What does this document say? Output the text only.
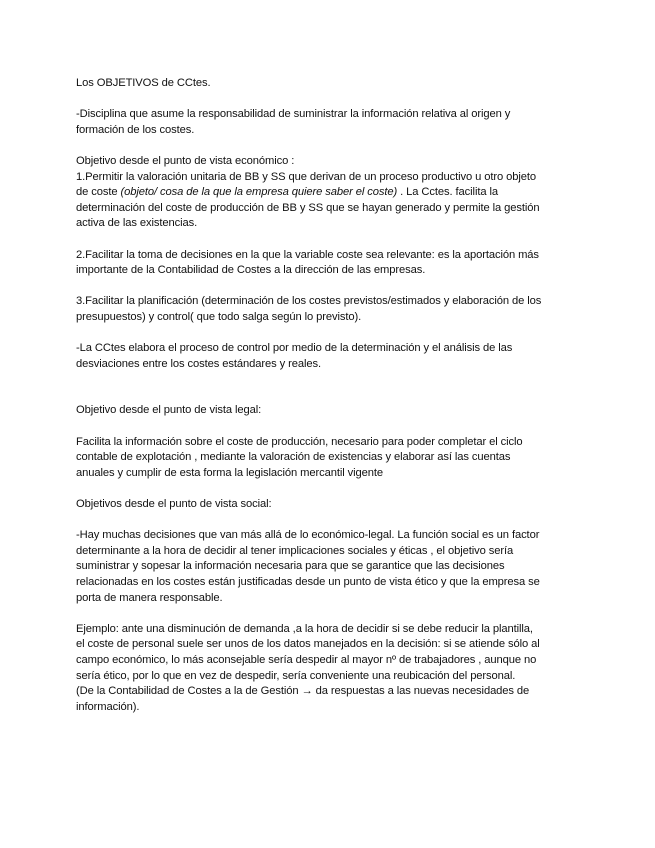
Los OBJETIVOS de CCtes.
-Disciplina que asume la responsabilidad de suministrar la información relativa al origen y
formación de los costes.
Objetivo desde el punto de vista económico :
1.Permitir la valoración unitaria de BB y SS que derivan de un proceso productivo u otro objeto
de coste (objeto/ cosa de la que la empresa quiere saber el coste) . La Cctes. facilita la
determinación del coste de producción de BB y SS que se hayan generado y permite la gestión
activa de las existencias.
2.Facilitar la toma de decisiones en la que la variable coste sea relevante: es la aportación más
importante de la Contabilidad de Costes a la dirección de las empresas.
3.Facilitar la planificación (determinación de los costes previstos/estimados y elaboración de los
presupuestos) y control( que todo salga según lo previsto).
-La CCtes elabora el proceso de control por medio de la determinación y el análisis de las
desviaciones entre los costes estándares y reales.
Objetivo desde el punto de vista legal:
Facilita la información sobre el coste de producción, necesario para poder completar el ciclo
contable de explotación , mediante la valoración de existencias y elaborar así las cuentas
anuales y cumplir de esta forma la legislación mercantil vigente
Objetivos desde el punto de vista social:
-Hay muchas decisiones que van más allá de lo económico-legal. La función social es un factor
determinante a la hora de decidir al tener implicaciones sociales y éticas , el objetivo sería
suministrar y sopesar la información necesaria para que se garantice que las decisiones
relacionadas en los costes están justificadas desde un punto de vista ético y que la empresa se
porta de manera responsable.
Ejemplo: ante una disminución de demanda ,a la hora de decidir si se debe reducir la plantilla,
el coste de personal suele ser unos de los datos manejados en la decisión: si se atiende sólo al
campo económico, lo más aconsejable sería despedir al mayor nº de trabajadores , aunque no
sería ético, por lo que en vez de despedir, sería conveniente una reubicación del personal.
(De la Contabilidad de Costes a la de Gestión → da respuestas a las nuevas necesidades de
información).
